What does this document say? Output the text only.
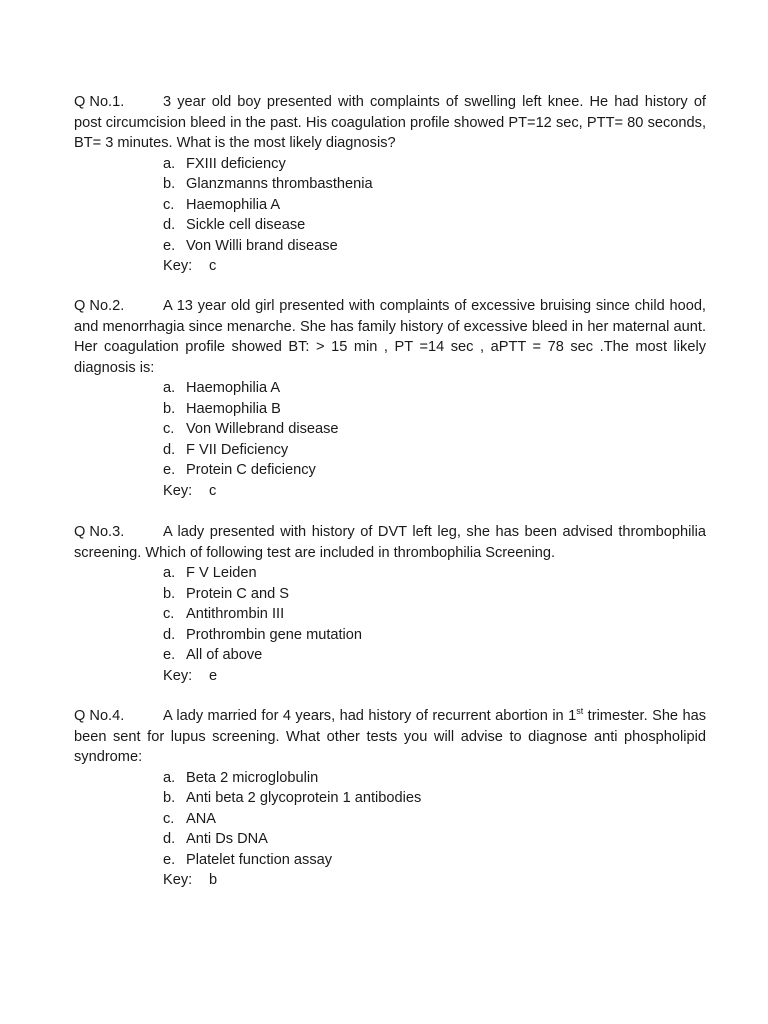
Q No.1.	3 year old boy presented with complaints of swelling left knee. He had history of post circumcision bleed in the past. His coagulation profile showed PT=12 sec, PTT= 80 seconds, BT= 3 minutes. What is the most likely diagnosis?

a. FXIII deficiency
b. Glanzmanns thrombasthenia
c. Haemophilia A
d. Sickle cell disease
e. Von Willi brand disease
Key: c

Q No.2.	A 13 year old girl presented with complaints of excessive bruising since child hood, and menorrhagia since menarche. She has family history of excessive bleed in her maternal aunt. Her coagulation profile showed BT: > 15 min , PT =14 sec , aPTT = 78 sec .The most likely diagnosis is:

a. Haemophilia A
b. Haemophilia B
c. Von Willebrand disease
d. F VII Deficiency
e. Protein C deficiency
Key: c

Q No.3.	A lady presented with history of DVT left leg, she has been advised thrombophilia screening. Which of following test are included in thrombophilia Screening.

a. F V Leiden
b. Protein C and S
c. Antithrombin III
d. Prothrombin gene mutation
e. All of above
Key: e

Q No.4.	A lady married for 4 years, had history of recurrent abortion in 1st trimester. She has been sent for lupus screening. What other tests you will advise to diagnose anti phospholipid syndrome:

a. Beta 2 microglobulin
b. Anti beta 2 glycoprotein 1 antibodies
c. ANA
d. Anti Ds DNA
e. Platelet function assay
Key: b
